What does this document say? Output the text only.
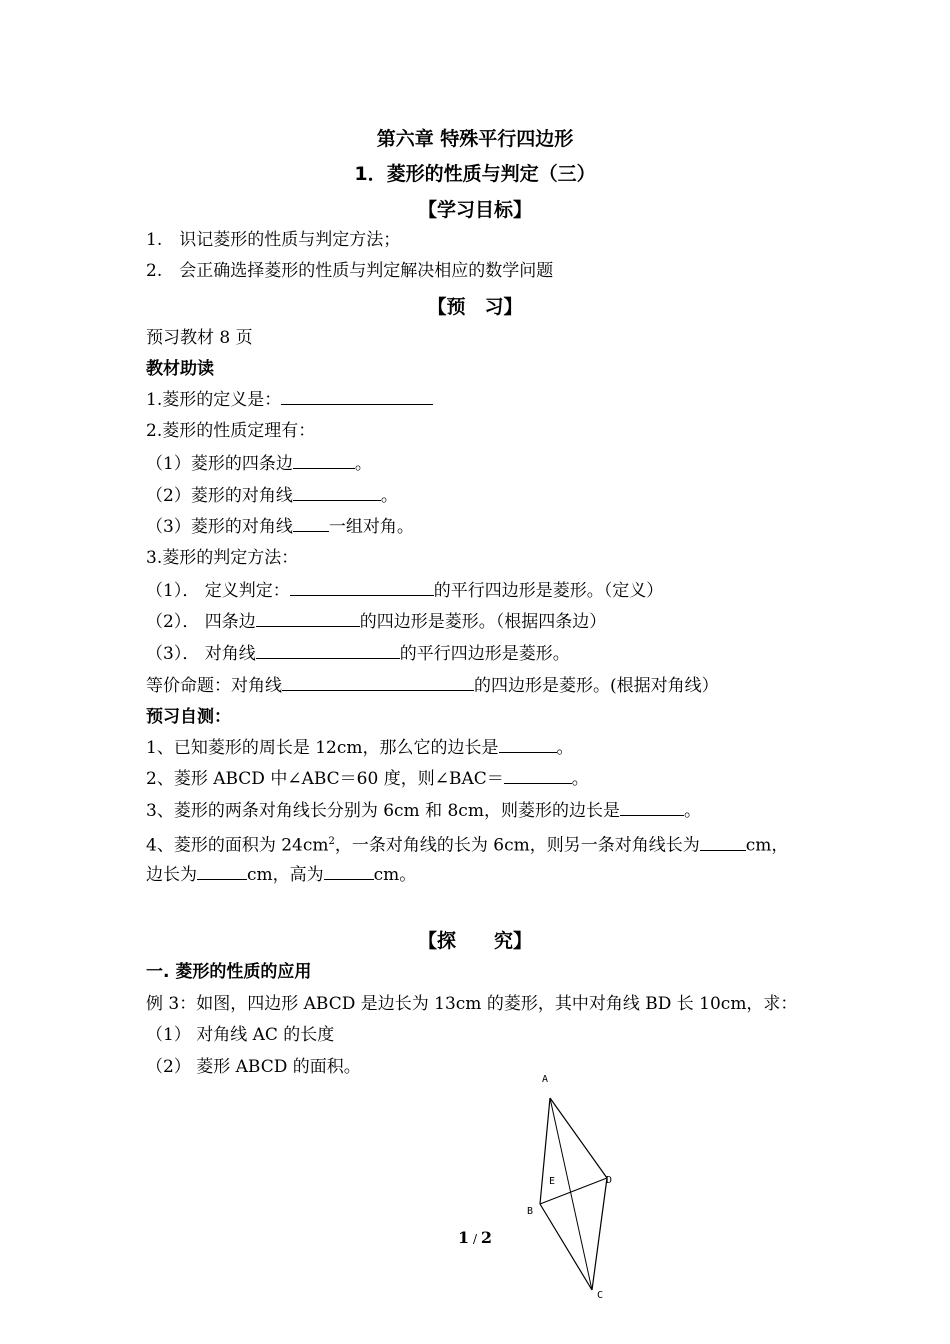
第六章 特殊平行四边形
1．菱形的性质与判定（三）
【学习目标】
1.　识记菱形的性质与判定方法；
2.　会正确选择菱形的性质与判定解决相应的数学问题
【预　习】
预习教材 8 页
教材助读
1.菱形的定义是：
2.菱形的性质定理有：
（1）菱形的四条边	。
（2）菱形的对角线	。
（3）菱形的对角线 一组对角。
3.菱形的判定方法：
（1）． 定义判定：	的平行四边形是菱形。（定义）
（2）． 四条边	的四边形是菱形。（根据四条边）
（3）． 对角线	的平行四边形是菱形。
等价命题：对角线	的四边形是菱形。(根据对角线）
预习自测：
1、已知菱形的周长是 12cm，那么它的边长是	。
2、菱形 ABCD 中∠ABC＝60 度，则∠BAC＝	。
3、菱形的两条对角线长分别为 6cm 和 8cm，则菱形的边长是	。
4、菱形的面积为 $24cm^2$，一条对角线的长为 6cm，则另一条对角线长为	cm，
边长为	cm，高为	cm。
【探　　究】
一. 菱形的性质的应用
例 3：如图，四边形 ABCD 是边长为 13cm 的菱形，其中对角线 BD 长 10cm，求：
（1） 对角线 AC 的长度
（2） 菱形 ABCD 的面积。
A
B
C
D
E
1 / 2
